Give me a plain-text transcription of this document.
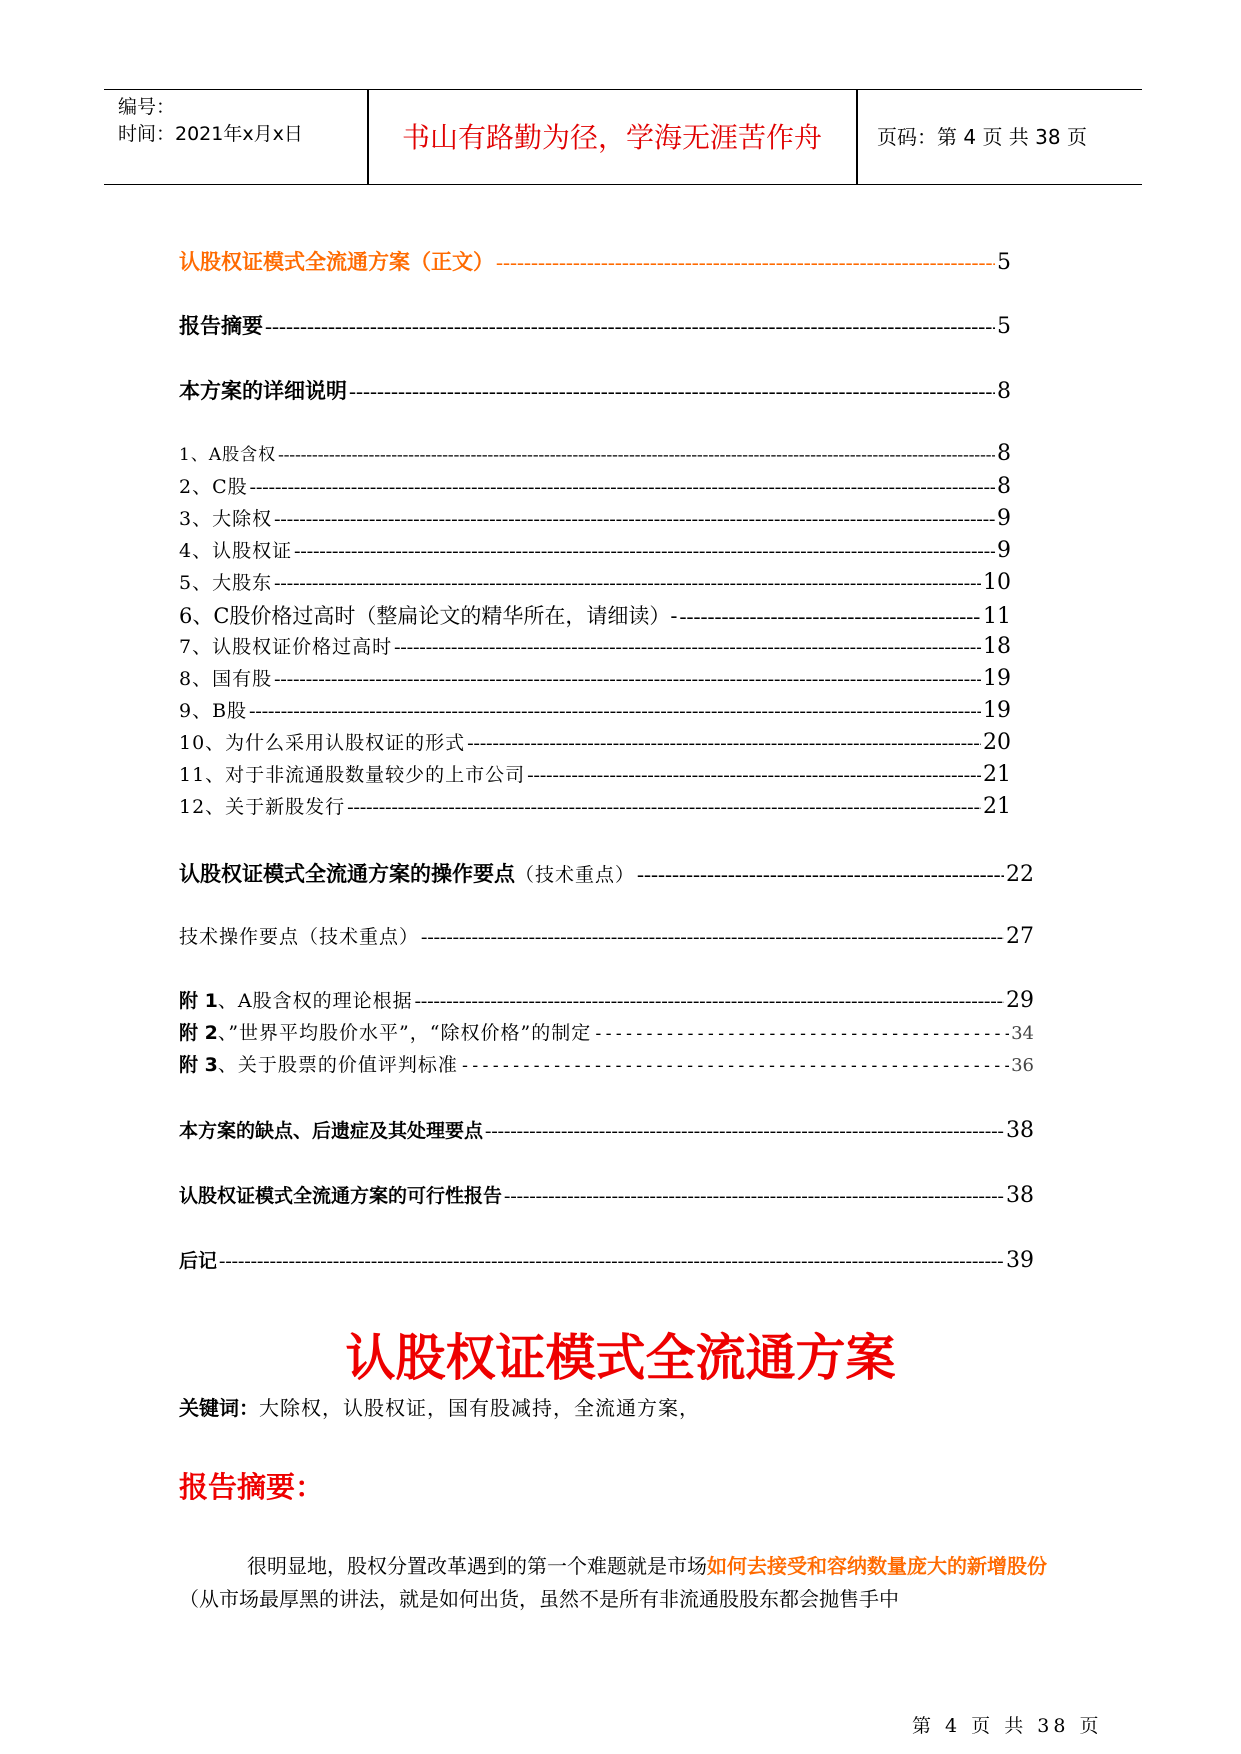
编号：
时间：2021年x月x日	书山有路勤为径，学海无涯苦作舟	页码：第 4 页 共 38 页
认股权证模式全流通方案（正文） -----	5
报告摘要 -----	5
本方案的详细说明 -----	8
1、A股含权 -----	8
2、C股 -----	8
3、大除权 -----	9
4、认股权证 -----	9
5、大股东 -----	10
6、C股价格过高时（整扁论文的精华所在，请细读）- -----	11
7、认股权证价格过高时 -----	18
8、国有股 -----	19
9、B股 -----	19
10、为什么采用认股权证的形式 -----	20
11、对于非流通股数量较少的上市公司 -----	21
12、关于新股发行 -----	21
认股权证模式全流通方案的操作要点 （技术重点） -----	22
技术操作要点（技术重点） -----	27
附 1 、A股含权的理论根据 -----	29
附 2 、”世界平均股价水平”，“除权价格”的制定 -----	34
附 3 、关于股票的价值评判标准 -----	36
本方案的缺点、后遗症及其处理要点 -----	38
认股权证模式全流通方案的可行性报告 -----	38
后记 -----	39
认股权证模式全流通方案
关键词：大除权，认股权证，国有股减持，全流通方案，
报告摘要：
很明显地，股权分置改革遇到的第一个难题就是市场如何去接受和容纳数量庞大的新增股份（从市场最厚黑的讲法，就是如何出货，虽然不是所有非流通股股东都会抛售手中
第 4 页 共 38 页
